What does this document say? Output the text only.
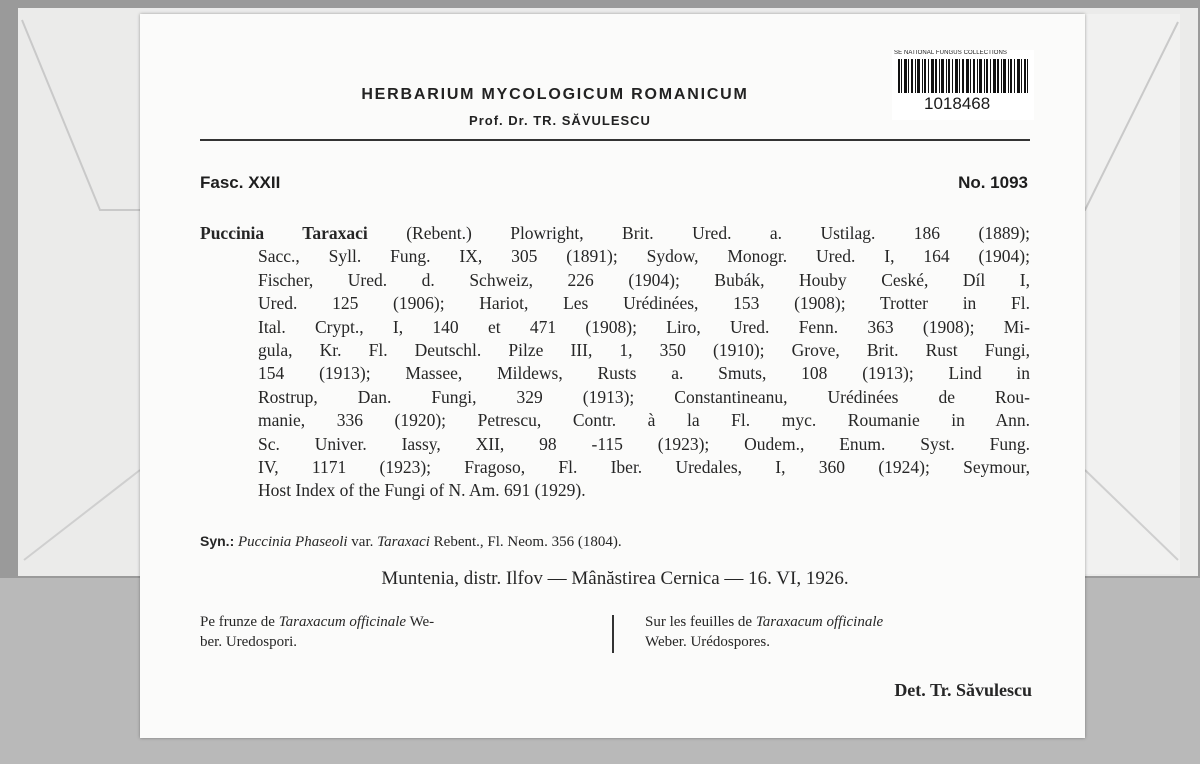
SE NATIONAL FUNGUS COLLECTIONS
1018468
HERBARIUM MYCOLOGICUM ROMANICUM
Prof. Dr. TR. SĂVULESCU
Fasc. XXII	No. 1093
Puccinia Taraxaci (Rebent.) Plowright, Brit. Ured. a. Ustilag. 186 (1889);
Sacc., Syll. Fung. IX, 305 (1891); Sydow, Monogr. Ured. I, 164 (1904);
Fischer, Ured. d. Schweiz, 226 (1904); Bubák, Houby Ceské, Díl I,
Ured. 125 (1906); Hariot, Les Urédinées, 153 (1908); Trotter in Fl.
Ital. Crypt., I, 140 et 471 (1908); Liro, Ured. Fenn. 363 (1908); Mi-
gula, Kr. Fl. Deutschl. Pilze III, 1, 350 (1910); Grove, Brit. Rust Fungi,
154 (1913); Massee, Mildews, Rusts a. Smuts, 108 (1913); Lind in
Rostrup, Dan. Fungi, 329 (1913); Constantineanu, Urédinées de Rou-
manie, 336 (1920); Petrescu, Contr. à la Fl. myc. Roumanie in Ann.
Sc. Univer. Iassy, XII, 98 -115 (1923); Oudem., Enum. Syst. Fung.
IV, 1171 (1923); Fragoso, Fl. Iber. Uredales, I, 360 (1924); Seymour,
Host Index of the Fungi of N. Am. 691 (1929).
Syn.: Puccinia Phaseoli var. Taraxaci Rebent., Fl. Neom. 356 (1804).
Muntenia, distr. Ilfov — Mânăstirea Cernica — 16. VI, 1926.
Pe frunze de Taraxacum officinale We-
ber. Uredospori.
Sur les feuilles de Taraxacum officinale
Weber. Urédospores.
Det. Tr. Săvulescu
